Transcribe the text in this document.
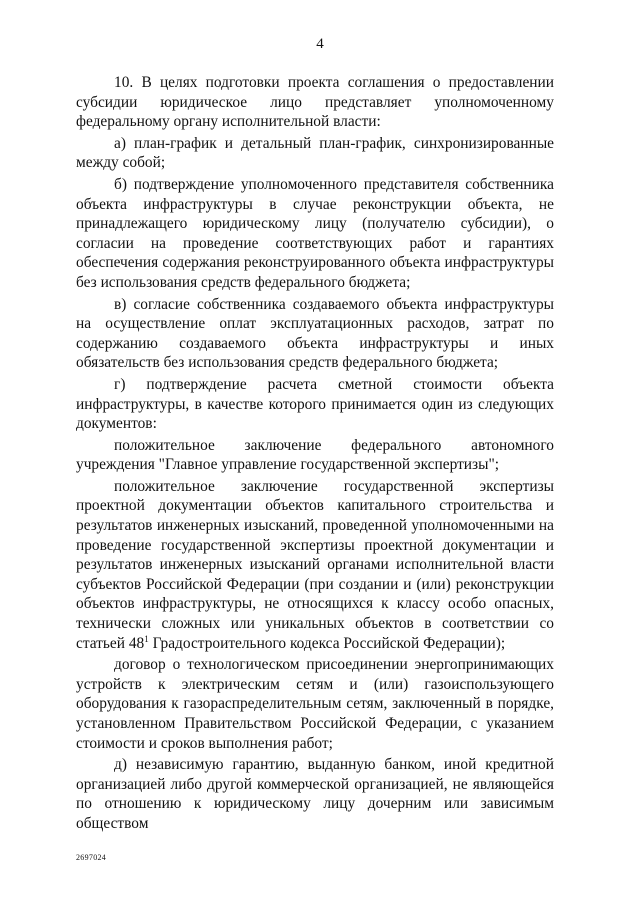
4

10. В целях подготовки проекта соглашения о предоставлении субсидии юридическое лицо представляет уполномоченному федеральному органу исполнительной власти:

а) план-график и детальный план-график, синхронизированные между собой;

б) подтверждение уполномоченного представителя собственника объекта инфраструктуры в случае реконструкции объекта, не принадлежащего юридическому лицу (получателю субсидии), о согласии на проведение соответствующих работ и гарантиях обеспечения содержания реконструированного объекта инфраструктуры без использования средств федерального бюджета;

в) согласие собственника создаваемого объекта инфраструктуры на осуществление оплат эксплуатационных расходов, затрат по содержанию создаваемого объекта инфраструктуры и иных обязательств без использования средств федерального бюджета;

г) подтверждение расчета сметной стоимости объекта инфраструктуры, в качестве которого принимается один из следующих документов:

положительное заключение федерального автономного учреждения "Главное управление государственной экспертизы";

положительное заключение государственной экспертизы проектной документации объектов капитального строительства и результатов инженерных изысканий, проведенной уполномоченными на проведение государственной экспертизы проектной документации и результатов инженерных изысканий органами исполнительной власти субъектов Российской Федерации (при создании и (или) реконструкции объектов инфраструктуры, не относящихся к классу особо опасных, технически сложных или уникальных объектов в соответствии со статьей $48^1$ Градостроительного кодекса Российской Федерации);

договор о технологическом присоединении энергопринимающих устройств к электрическим сетям и (или) газоиспользующего оборудования к газораспределительным сетям, заключенный в порядке, установленном Правительством Российской Федерации, с указанием стоимости и сроков выполнения работ;

д) независимую гарантию, выданную банком, иной кредитной организацией либо другой коммерческой организацией, не являющейся по отношению к юридическому лицу дочерним или зависимым обществом

2697024
